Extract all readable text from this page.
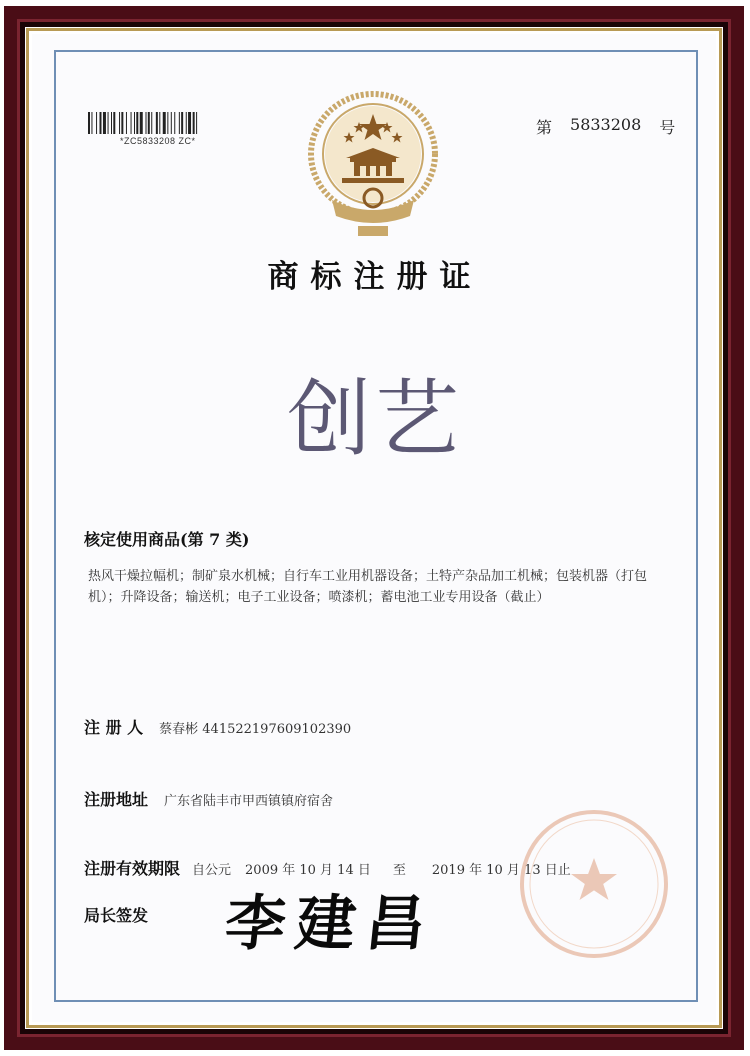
*ZC5833208 ZC*
第 5833208 号
商标注册证
创艺
核定使用商品(第 7 类)
热风干燥拉幅机；制矿泉水机械；自行车工业用机器设备；土特产杂品加工机械；包装机器（打包机）；升降设备；输送机；电子工业设备；喷漆机；蓄电池工业专用设备（截止）
注 册 人 蔡春彬 441522197609102390
注册地址 广东省陆丰市甲西镇镇府宿舍
注册有效期限 自公元 2009 年 10 月 14 日 至 2019 年 10 月 13 日止
局长签发 李建昌
